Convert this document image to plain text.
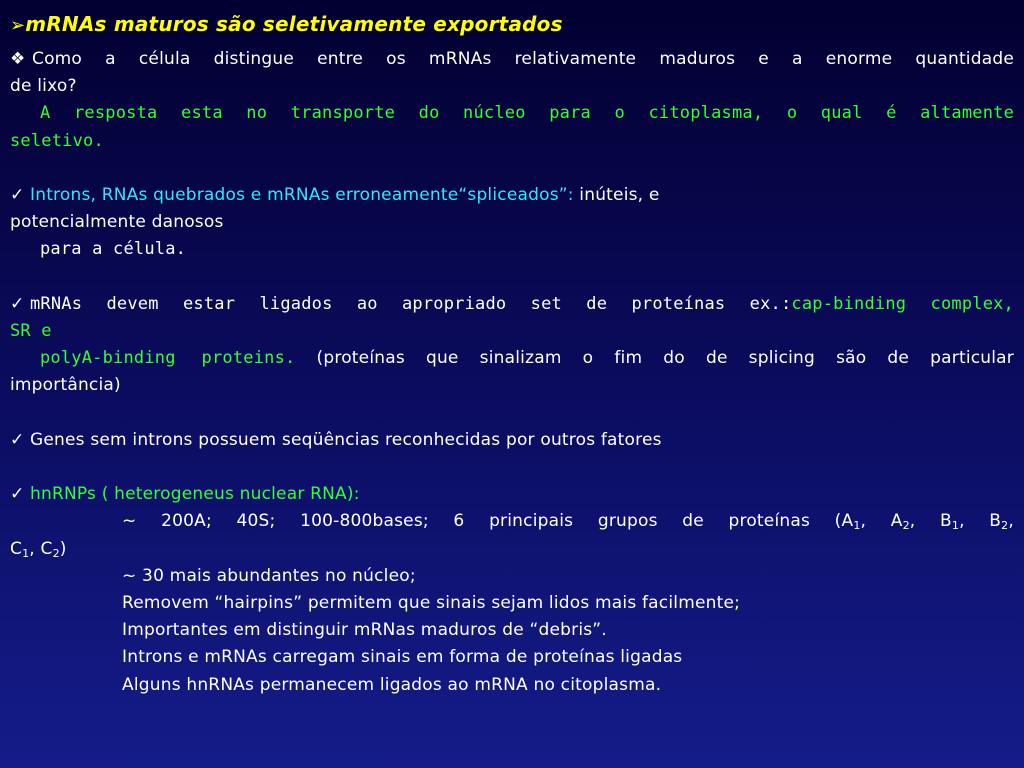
➢mRNAs maturos são seletivamente exportados
❖ Como a célula distingue entre os mRNAs relativamente maduros e a enorme quantidade
de lixo?
A resposta esta no transporte do núcleo para o citoplasma, o qual é altamente
seletivo.
✓ Introns, RNAs quebrados e mRNAs erroneamente“spliceados”: inúteis, e
potencialmente danosos
para a célula.
✓ mRNAs devem estar ligados ao apropriado set de proteínas ex.:cap-binding complex,
SR e
polyA-binding proteins. (proteínas que sinalizam o fim do de splicing são de particular
importância)
✓ Genes sem introns possuem seqüências reconhecidas por outros fatores
✓ hnRNPs ( heterogeneus nuclear RNA):
~ 200A; 40S; 100-800bases; 6 principais grupos de proteínas ($A_1$, $A_2$, $B_1$, $B_2$,
$C_1$, $C_2$)
~ 30 mais abundantes no núcleo;
Removem “hairpins” permitem que sinais sejam lidos mais facilmente;
Importantes em distinguir mRNas maduros de “debris”.
Introns e mRNAs carregam sinais em forma de proteínas ligadas
Alguns hnRNAs permanecem ligados ao mRNA no citoplasma.
